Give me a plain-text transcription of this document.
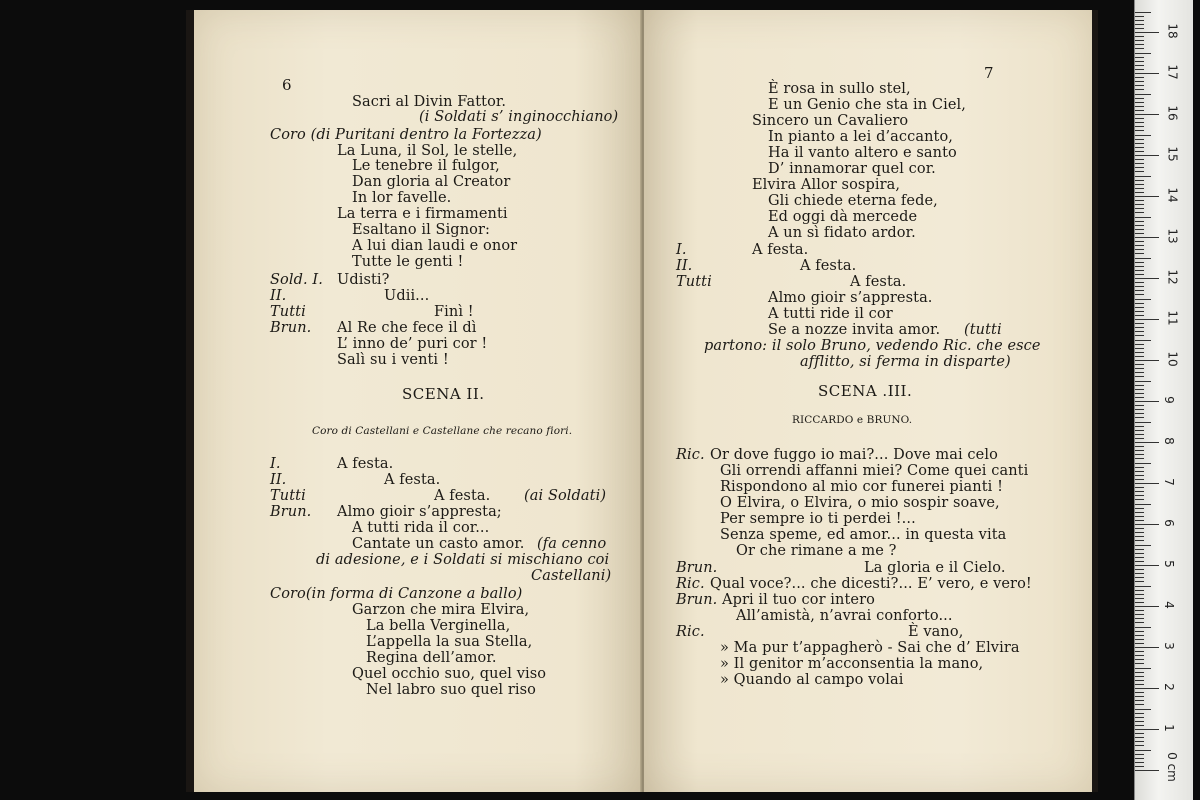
6
Sacri al Divin Fattor.
(i Soldati s’ inginocchiano)
Coro (di Puritani dentro la Fortezza)
La Luna, il Sol, le stelle,
Le tenebre il fulgor,
Dan gloria al Creator
In lor favelle.
La terra e i firmamenti
Esaltano il Signor:
A lui dian laudi e onor
Tutte le genti !
Sold. I. Udisti?
II.	Udii...
Tutti	Finì !
Brun. Al Re che fece il dì
L’ inno de’ puri cor !
Salì su i venti !
SCENA II.
Coro di Castellani e Castellane che recano fiori.
I.	A festa.
II.	A festa.
Tutti	A festa. (ai Soldati)
Brun. Almo gioir s’appresta;
A tutti rida il cor...
Cantate un casto amor. (fa cenno
di adesione, e i Soldati si mischiano coi
Castellani)
Coro(in forma di Canzone a ballo)
Garzon che mira Elvira,
La bella Verginella,
L’appella la sua Stella,
Regina dell’amor.
Quel occhio suo, quel viso
Nel labro suo quel riso
7
È rosa in sullo stel,
E un Genio che sta in Ciel,
Sincero un Cavaliero
In pianto a lei d’accanto,
Ha il vanto altero e santo
D’ innamorar quel cor.
Elvira Allor sospira,
Gli chiede eterna fede,
Ed oggi dà mercede
A un sì fidato ardor.
I.	A festa.
II.	A festa.
Tutti	A festa.
Almo gioir s’appresta.
A tutti ride il cor
Se a nozze invita amor. (tutti
partono: il solo Bruno, vedendo Ric. che esce
afflitto, si ferma in disparte)
SCENA .III.
RICCARDO e BRUNO.
Ric. Or dove fuggo io mai?... Dove mai celo
Gli orrendi affanni miei? Come quei canti
Rispondono al mio cor funerei pianti !
O Elvira, o Elvira, o mio sospir soave,
Per sempre io ti perdei !...
Senza speme, ed amor... in questa vita
Or che rimane a me ?
Brun.	La gloria e il Cielo.
Ric. Qual voce?... che dicesti?... E’ vero, e vero!
Brun. Apri il tuo cor intero
All’amistà, n’avrai conforto...
Ric.	È vano,
» Ma pur t’appagherò - Sai che d’ Elvira
» Il genitor m’acconsentia la mano,
» Quando al campo volai
0 cm
1
2
3
4
5
6
7
8
9
10
11
12
13
14
15
16
17
18
